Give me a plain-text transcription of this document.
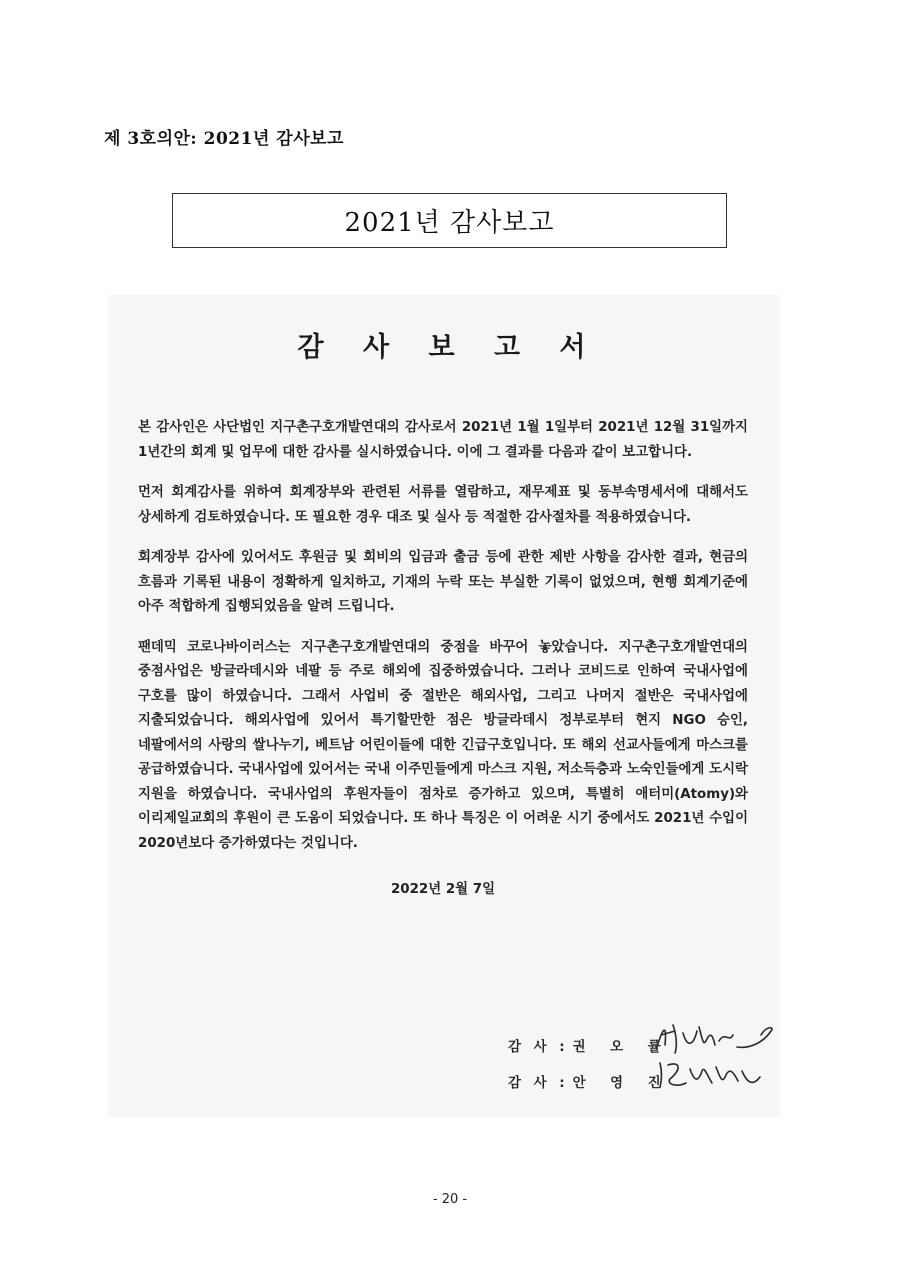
제 3호의안: 2021년 감사보고
2021년 감사보고
감 사 보 고 서

본 감사인은 사단법인 지구촌구호개발연대의 감사로서 2021년 1월 1일부터 2021년 12월 31일까지 1년간의 회계 및 업무에 대한 감사를 실시하였습니다. 이에 그 결과를 다음과 같이 보고합니다.

먼저 회계감사를 위하여 회계장부와 관련된 서류를 열람하고, 재무제표 및 동부속명세서에 대해서도 상세하게 검토하였습니다. 또 필요한 경우 대조 및 실사 등 적절한 감사절차를 적용하였습니다.

회계장부 감사에 있어서도 후원금 및 회비의 입금과 출금 등에 관한 제반 사항을 감사한 결과, 현금의 흐름과 기록된 내용이 정확하게 일치하고, 기재의 누락 또는 부실한 기록이 없었으며, 현행 회계기준에 아주 적합하게 집행되었음을 알려 드립니다.

팬데믹 코로나바이러스는 지구촌구호개발연대의 중점을 바꾸어 놓았습니다. 지구촌구호개발연대의 중점사업은 방글라데시와 네팔 등 주로 해외에 집중하였습니다. 그러나 코비드로 인하여 국내사업에 구호를 많이 하였습니다. 그래서 사업비 중 절반은 해외사업, 그리고 나머지 절반은 국내사업에 지출되었습니다. 해외사업에 있어서 특기할만한 점은 방글라데시 정부로부터 현지 NGO 승인, 네팔에서의 사랑의 쌀나누기, 베트남 어린이들에 대한 긴급구호입니다. 또 해외 선교사들에게 마스크를 공급하였습니다. 국내사업에 있어서는 국내 이주민들에게 마스크 지원, 저소득층과 노숙인들에게 도시락 지원을 하였습니다. 국내사업의 후원자들이 점차로 증가하고 있으며, 특별히 애터미(Atomy)와 이리제일교회의 후원이 큰 도움이 되었습니다. 또 하나 특징은 이 어려운 시기 중에서도 2021년 수입이 2020년보다 증가하였다는 것입니다.

2022년 2월 7일
감 사 : 권 오 률
감 사 : 안 영 진
- 20 -
